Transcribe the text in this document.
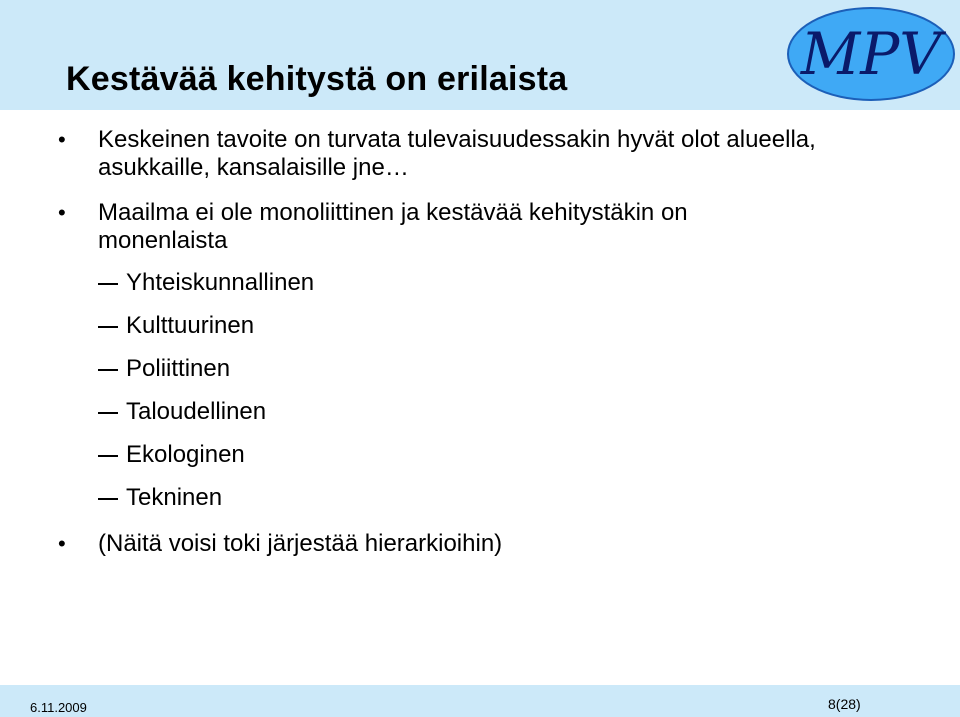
Kestävää kehitystä on erilaista	MPV
• Keskeinen tavoite on turvata tulevaisuudessakin hyvät olot alueella,
asukkaille, kansalaisille jne…
• Maailma ei ole monoliittinen ja kestävää kehitystäkin on
monenlaista
Yhteiskunnallinen
Kulttuurinen
Poliittinen
Taloudellinen
Ekologinen
Tekninen
• (Näitä voisi toki järjestää hierarkioihin)
6.11.2009	8(28)
